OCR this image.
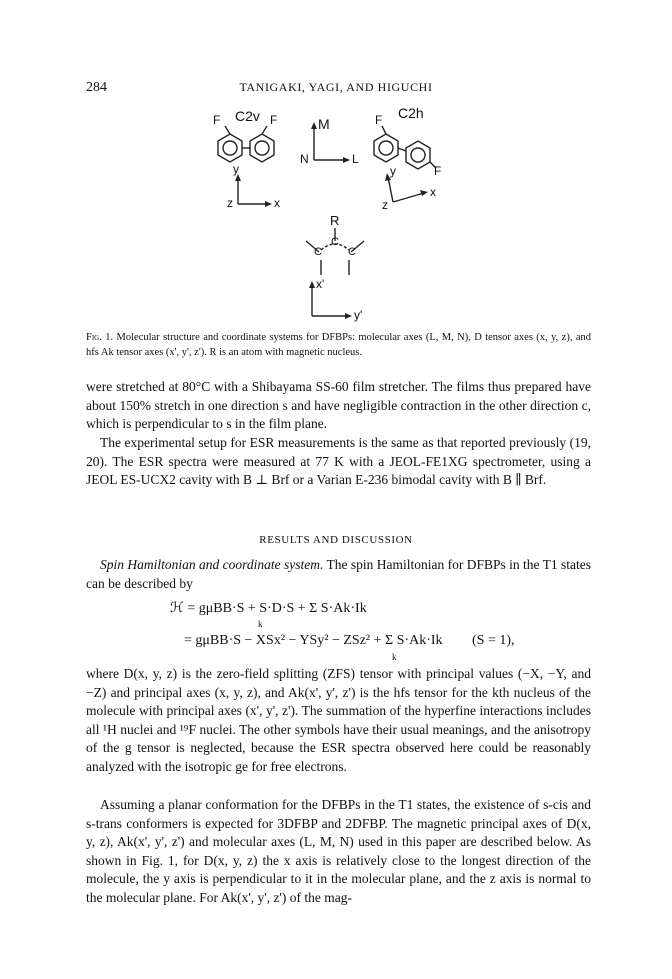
284	TANIGAKI, YAGI, AND HIGUCHI
F C2v F	M	F C2h
F
y
z	x
N	L
y
z
x
R
C
C
C
x'
y'
Fig. 1. Molecular structure and coordinate systems for DFBPs: molecular axes (L, M, N), D tensor axes (x, y, z), and hfs Ak tensor axes (x', y', z'). R is an atom with magnetic nucleus.
were stretched at 80°C with a Shibayama SS-60 film stretcher. The films thus prepared have about 150% stretch in one direction s and have negligible contraction in the other direction c, which is perpendicular to s in the film plane.
The experimental setup for ESR measurements is the same as that reported previously (19, 20). The ESR spectra were measured at 77 K with a JEOL-FE1XG spectrometer, using a JEOL ES-UCX2 cavity with B ⊥ Brf or a Varian E-236 bimodal cavity with B ∥ Brf.
RESULTS AND DISCUSSION
Spin Hamiltonian and coordinate system. The spin Hamiltonian for DFBPs in the T1 states can be described by
ℋ = gμBB·S + S·D·S + Σ S·Ak·Ik
k
= gμBB·S − XSx² − YSy² − ZSz² + Σ S·Ak·Ik (S = 1),
k
where D(x, y, z) is the zero-field splitting (ZFS) tensor with principal values (−X, −Y, and −Z) and principal axes (x, y, z), and Ak(x', y', z') is the hfs tensor for the kth nucleus of the molecule with principal axes (x', y', z'). The summation of the hyperfine interactions includes all ¹H nuclei and ¹⁹F nuclei. The other symbols have their usual meanings, and the anisotropy of the g tensor is neglected, because the ESR spectra observed here could be reasonably analyzed with the isotropic ge for free electrons.
Assuming a planar conformation for the DFBPs in the T1 states, the existence of s-cis and s-trans conformers is expected for 3DFBP and 2DFBP. The magnetic principal axes of D(x, y, z), Ak(x', y', z') and molecular axes (L, M, N) used in this paper are described below. As shown in Fig. 1, for D(x, y, z) the x axis is relatively close to the longest direction of the molecule, the y axis is perpendicular to it in the molecular plane, and the z axis is normal to the molecular plane. For Ak(x', y', z') of the mag-
